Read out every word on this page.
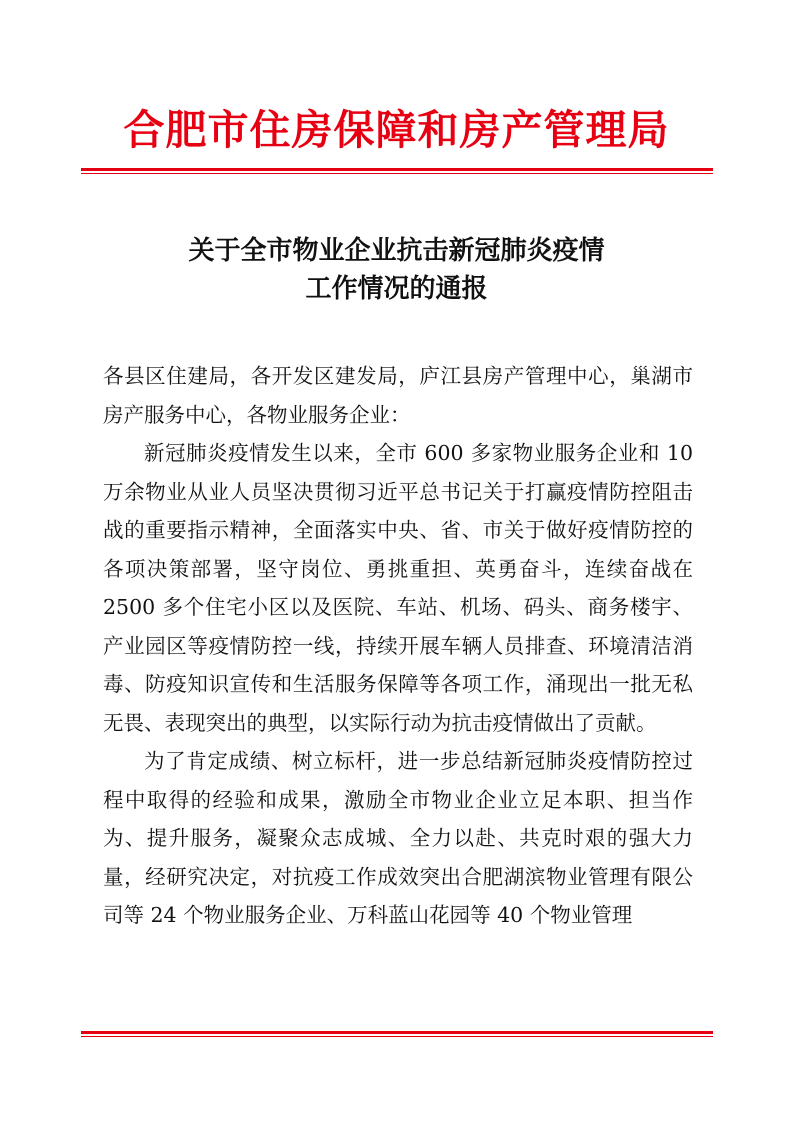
合肥市住房保障和房产管理局
关于全市物业企业抗击新冠肺炎疫情
工作情况的通报

各县区住建局，各开发区建发局，庐江县房产管理中心，巢湖市房产服务中心，各物业服务企业：

新冠肺炎疫情发生以来，全市 600 多家物业服务企业和 10 万余物业从业人员坚决贯彻习近平总书记关于打赢疫情防控阻击战的重要指示精神，全面落实中央、省、市关于做好疫情防控的各项决策部署，坚守岗位、勇挑重担、英勇奋斗，连续奋战在 2500 多个住宅小区以及医院、车站、机场、码头、商务楼宇、产业园区等疫情防控一线，持续开展车辆人员排查、环境清洁消毒、防疫知识宣传和生活服务保障等各项工作，涌现出一批无私无畏、表现突出的典型，以实际行动为抗击疫情做出了贡献。

为了肯定成绩、树立标杆，进一步总结新冠肺炎疫情防控过程中取得的经验和成果，激励全市物业企业立足本职、担当作为、提升服务，凝聚众志成城、全力以赴、共克时艰的强大力量，经研究决定，对抗疫工作成效突出合肥湖滨物业管理有限公司等 24 个物业服务企业、万科蓝山花园等 40 个物业管理
